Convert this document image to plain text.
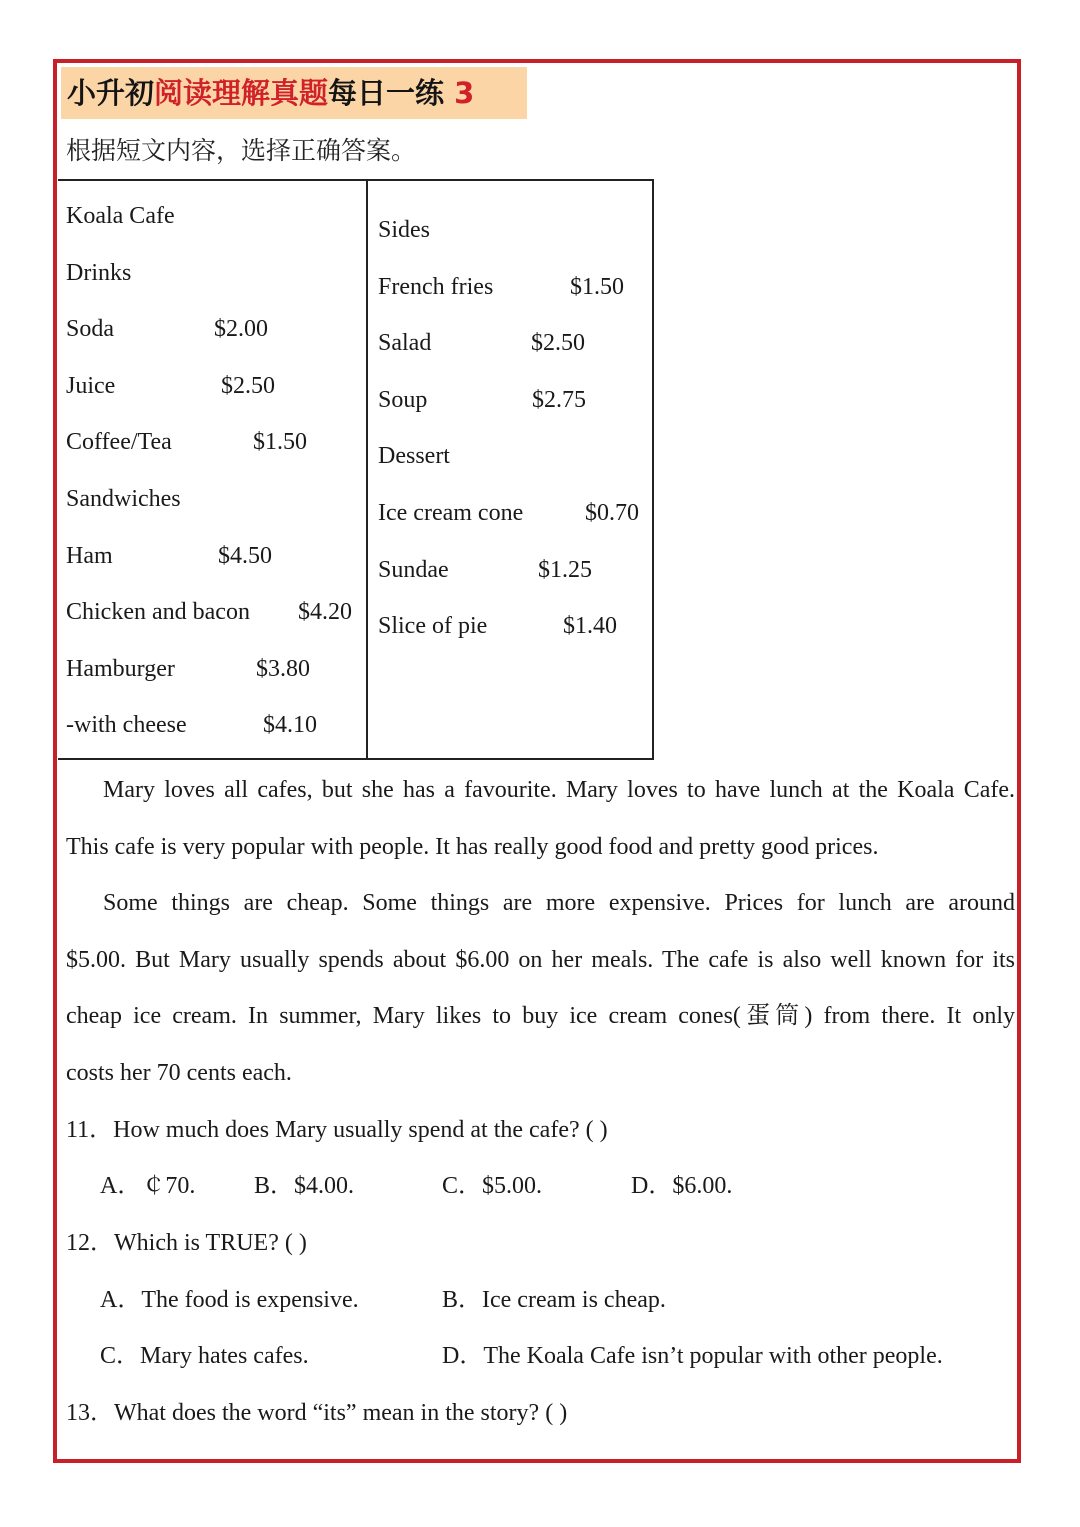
小升初阅读理解真题每日一练 3
根据短文内容，选择正确答案。
Koala Cafe
Drinks
Soda	$2.00
Juice	$2.50
Coffee/Tea	$1.50
Sandwiches
Ham	$4.50
Chicken and bacon $4.20
Hamburger	$3.80
-with cheese	$4.10
Sides
French fries	$1.50
Salad	$2.50
Soup	$2.75
Dessert
Ice cream cone	$0.70
Sundae	$1.25
Slice of pie	$1.40
Mary loves all cafes, but she has a favourite. Mary loves to have lunch at the Koala Cafe.
This cafe is very popular with people. It has really good food and pretty good prices.
Some things are cheap. Some things are more expensive. Prices for lunch are around
$5.00. But Mary usually spends about $6.00 on her meals. The cafe is also well known for its
cheap ice cream. In summer, Mary likes to buy ice cream cones(蛋筒) from there. It only
costs her 70 cents each.
11．How much does Mary usually spend at the cafe? ( )
A．￠70. B．$4.00.	C．$5.00.	D．$6.00.
12．Which is TRUE? ( )
A．The food is expensive.	B．Ice cream is cheap.
C．Mary hates cafes.	D．The Koala Cafe isn’t popular with other people.
13．What does the word “its” mean in the story? ( )
